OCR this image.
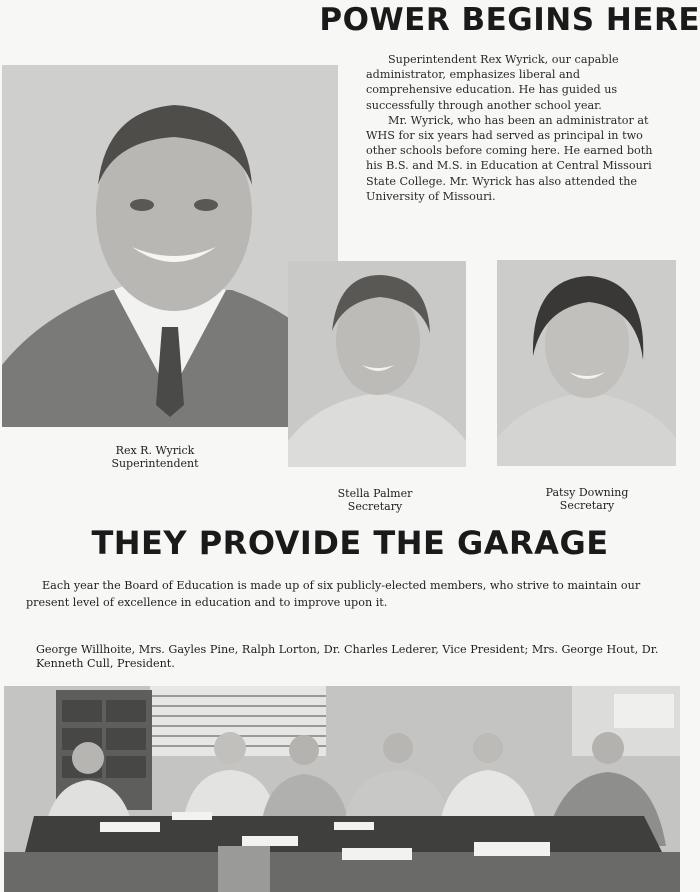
POWER BEGINS HERE

Superintendent Rex Wyrick, our capable administrator, emphasizes liberal and comprehensive education. He has guided us successfully through another school year.

Mr. Wyrick, who has been an administrator at WHS for six years had served as principal in two other schools before coming here. He earned both his B.S. and M.S. in Education at Central Missouri State College. Mr. Wyrick has also attended the University of Missouri.

Rex R. Wyrick
Superintendent
Stella Palmer
Secretary
Patsy Downing
Secretary
THEY PROVIDE THE GARAGE

Each year the Board of Education is made up of six publicly-elected members, who strive to maintain our present level of excellence in education and to improve upon it.

George Willhoite, Mrs. Gayles Pine, Ralph Lorton, Dr. Charles Lederer, Vice President; Mrs. George Hout, Dr. Kenneth Cull, President.
